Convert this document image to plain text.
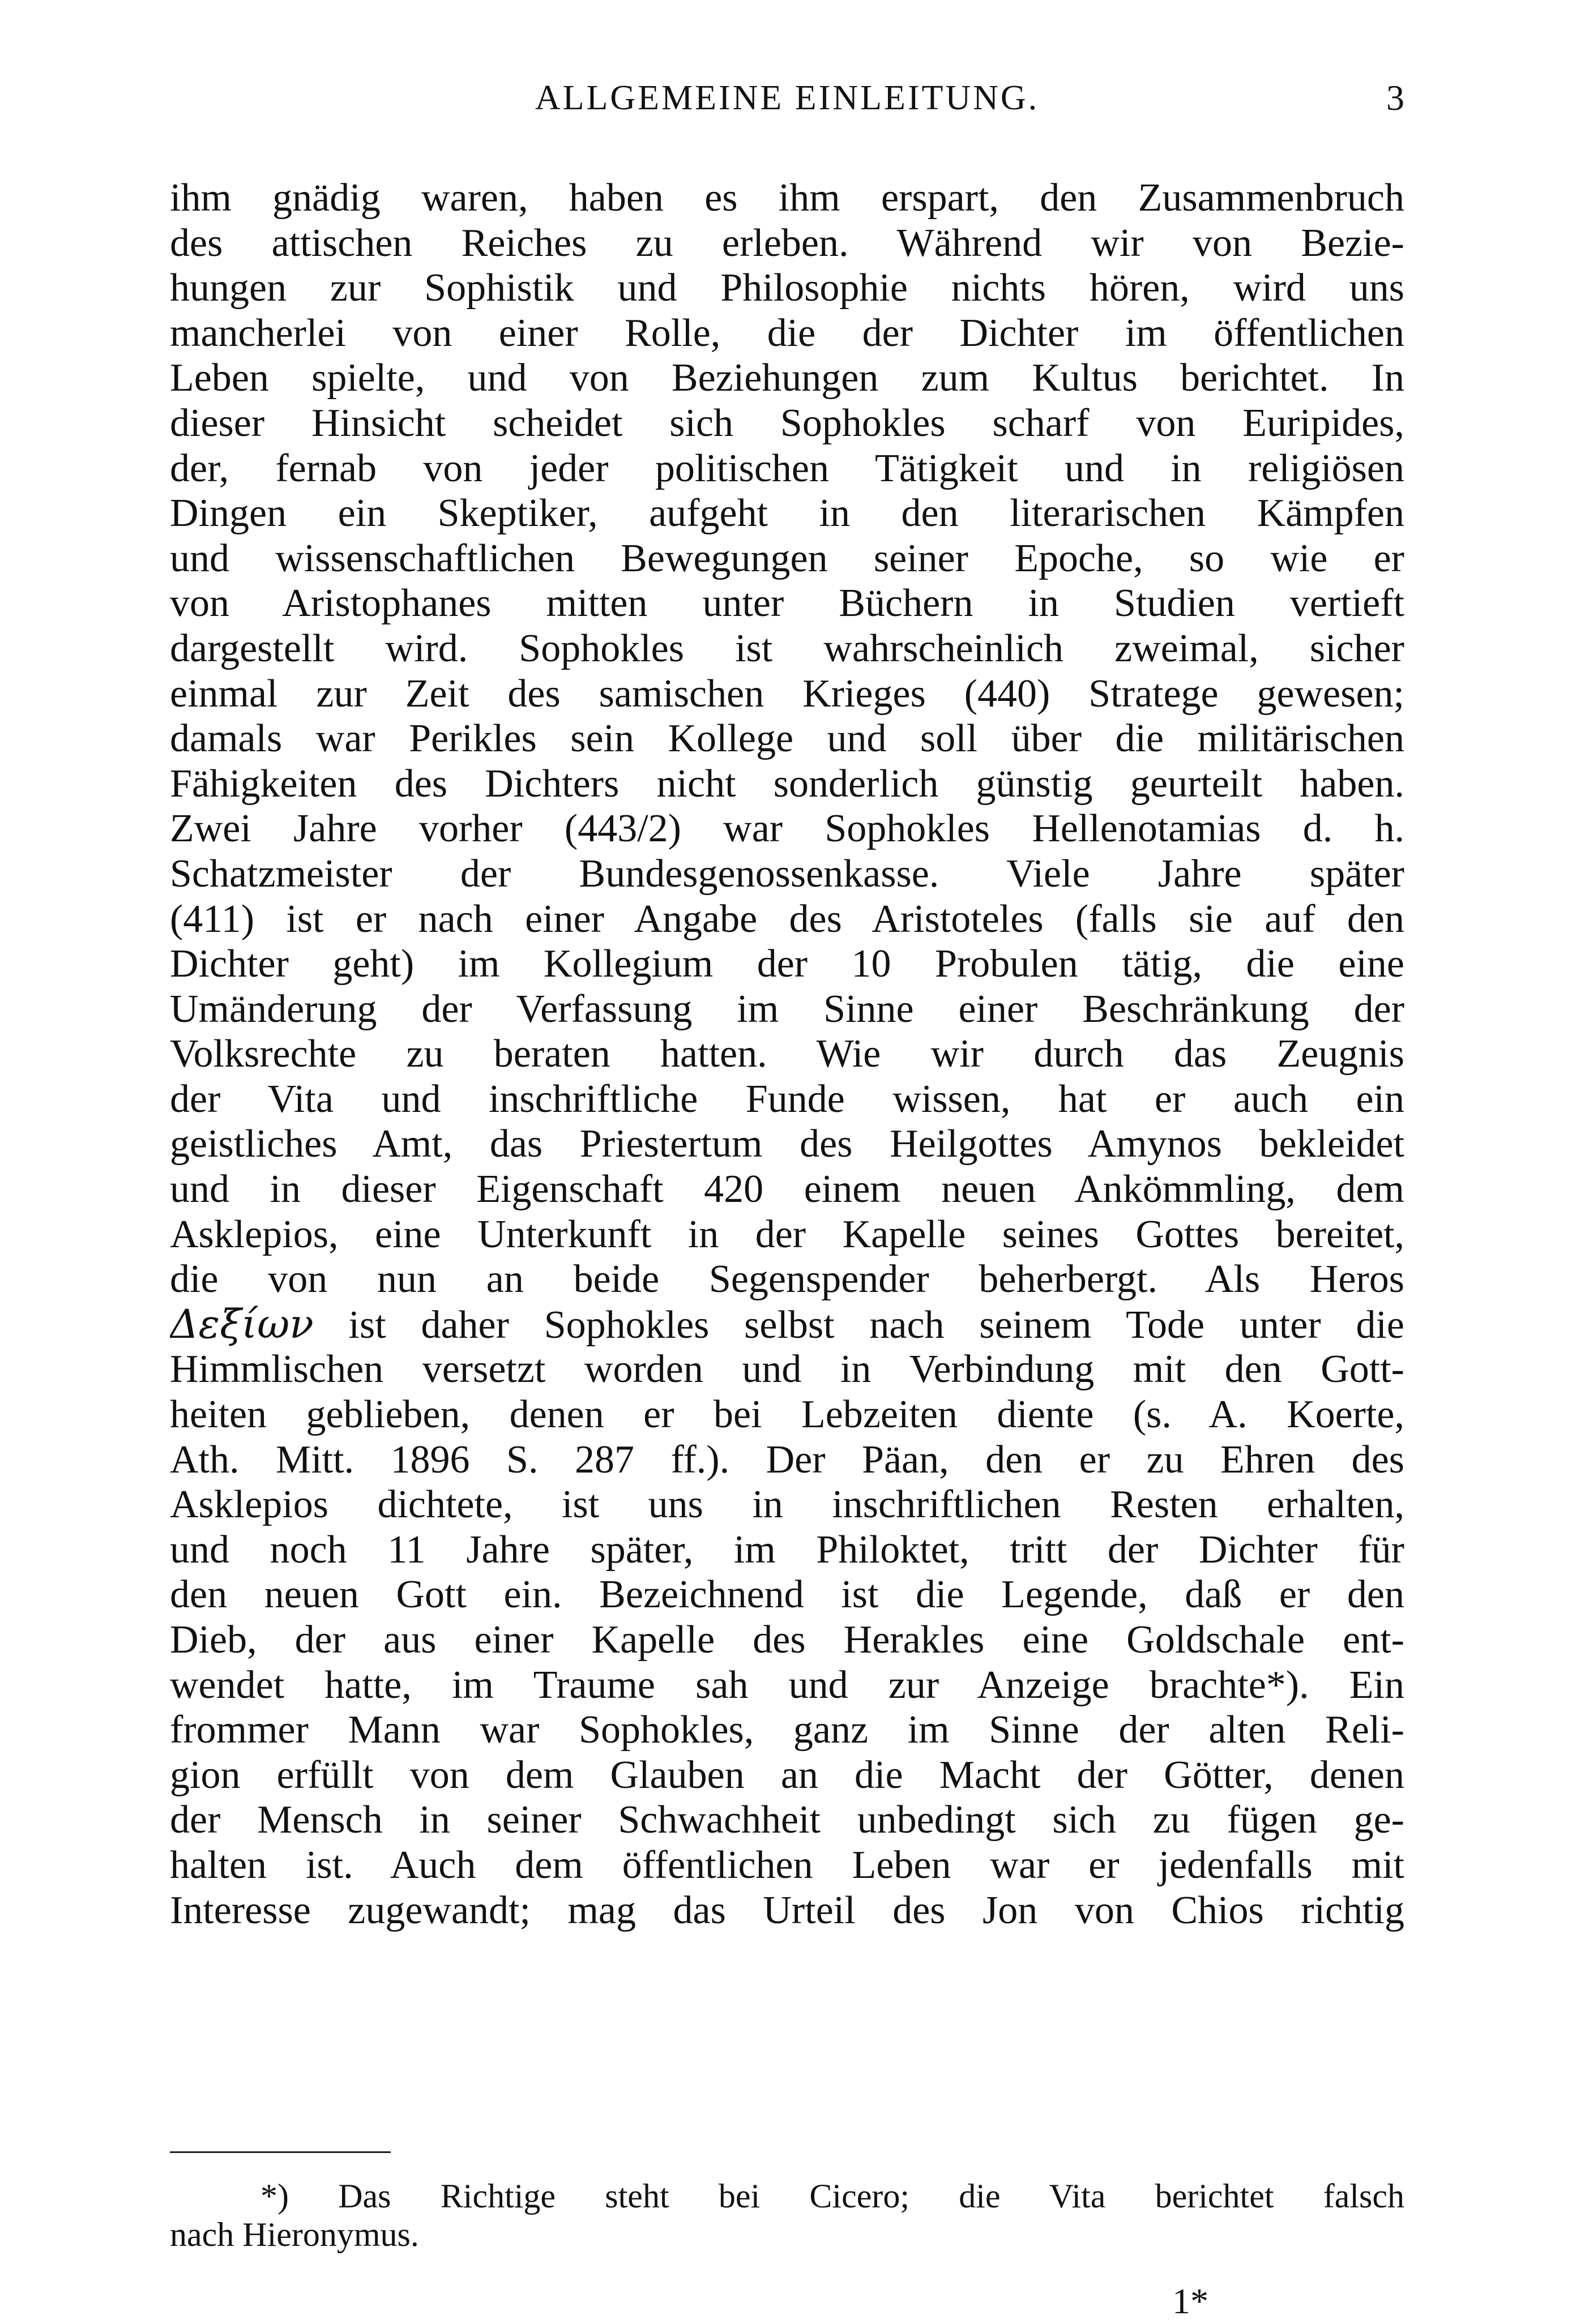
ALLGEMEINE EINLEITUNG.	3
ihm gnädig waren, haben es ihm erspart, den Zusammenbruch
des attischen Reiches zu erleben. Während wir von Bezie-
hungen zur Sophistik und Philosophie nichts hören, wird uns
mancherlei von einer Rolle, die der Dichter im öffentlichen
Leben spielte, und von Beziehungen zum Kultus berichtet. In
dieser Hinsicht scheidet sich Sophokles scharf von Euripides,
der, fernab von jeder politischen Tätigkeit und in religiösen
Dingen ein Skeptiker, aufgeht in den literarischen Kämpfen
und wissenschaftlichen Bewegungen seiner Epoche, so wie er
von Aristophanes mitten unter Büchern in Studien vertieft
dargestellt wird. Sophokles ist wahrscheinlich zweimal, sicher
einmal zur Zeit des samischen Krieges (440) Stratege gewesen;
damals war Perikles sein Kollege und soll über die militärischen
Fähigkeiten des Dichters nicht sonderlich günstig geurteilt haben.
Zwei Jahre vorher (443/2) war Sophokles Hellenotamias d. h.
Schatzmeister der Bundesgenossenkasse. Viele Jahre später
(411) ist er nach einer Angabe des Aristoteles (falls sie auf den
Dichter geht) im Kollegium der 10 Probulen tätig, die eine
Umänderung der Verfassung im Sinne einer Beschränkung der
Volksrechte zu beraten hatten. Wie wir durch das Zeugnis
der Vita und inschriftliche Funde wissen, hat er auch ein
geistliches Amt, das Priestertum des Heilgottes Amynos bekleidet
und in dieser Eigenschaft 420 einem neuen Ankömmling, dem
Asklepios, eine Unterkunft in der Kapelle seines Gottes bereitet,
die von nun an beide Segenspender beherbergt. Als Heros
Δεξίων ist daher Sophokles selbst nach seinem Tode unter die
Himmlischen versetzt worden und in Verbindung mit den Gott-
heiten geblieben, denen er bei Lebzeiten diente (s. A. Koerte,
Ath. Mitt. 1896 S. 287 ff.). Der Päan, den er zu Ehren des
Asklepios dichtete, ist uns in inschriftlichen Resten erhalten,
und noch 11 Jahre später, im Philoktet, tritt der Dichter für
den neuen Gott ein. Bezeichnend ist die Legende, daß er den
Dieb, der aus einer Kapelle des Herakles eine Goldschale ent-
wendet hatte, im Traume sah und zur Anzeige brachte*). Ein
frommer Mann war Sophokles, ganz im Sinne der alten Reli-
gion erfüllt von dem Glauben an die Macht der Götter, denen
der Mensch in seiner Schwachheit unbedingt sich zu fügen ge-
halten ist. Auch dem öffentlichen Leben war er jedenfalls mit
Interesse zugewandt; mag das Urteil des Jon von Chios richtig
*) Das Richtige steht bei Cicero; die Vita berichtet falsch
nach Hieronymus.
1*
